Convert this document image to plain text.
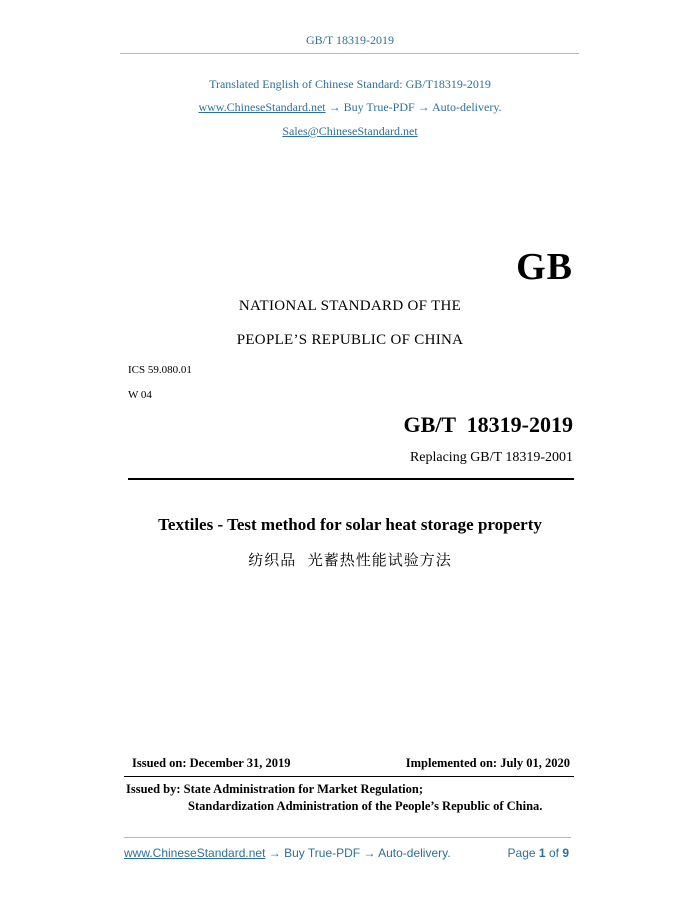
GB/T 18319-2019
Translated English of Chinese Standard: GB/T18319-2019
www.ChineseStandard.net → Buy True-PDF → Auto-delivery.
Sales@ChineseStandard.net
GB
NATIONAL STANDARD OF THE
PEOPLE’S REPUBLIC OF CHINA
ICS 59.080.01
W 04
GB/T  18319-2019
Replacing GB/T 18319-2001
Textiles - Test method for solar heat storage property
纺织品  光蓄热性能试验方法
Issued on: December 31, 2019	Implemented on: July 01, 2020
Issued by: State Administration for Market Regulation;
Standardization Administration of the People’s Republic of China.
www.ChineseStandard.net → Buy True-PDF → Auto-delivery.	Page 1 of 9
